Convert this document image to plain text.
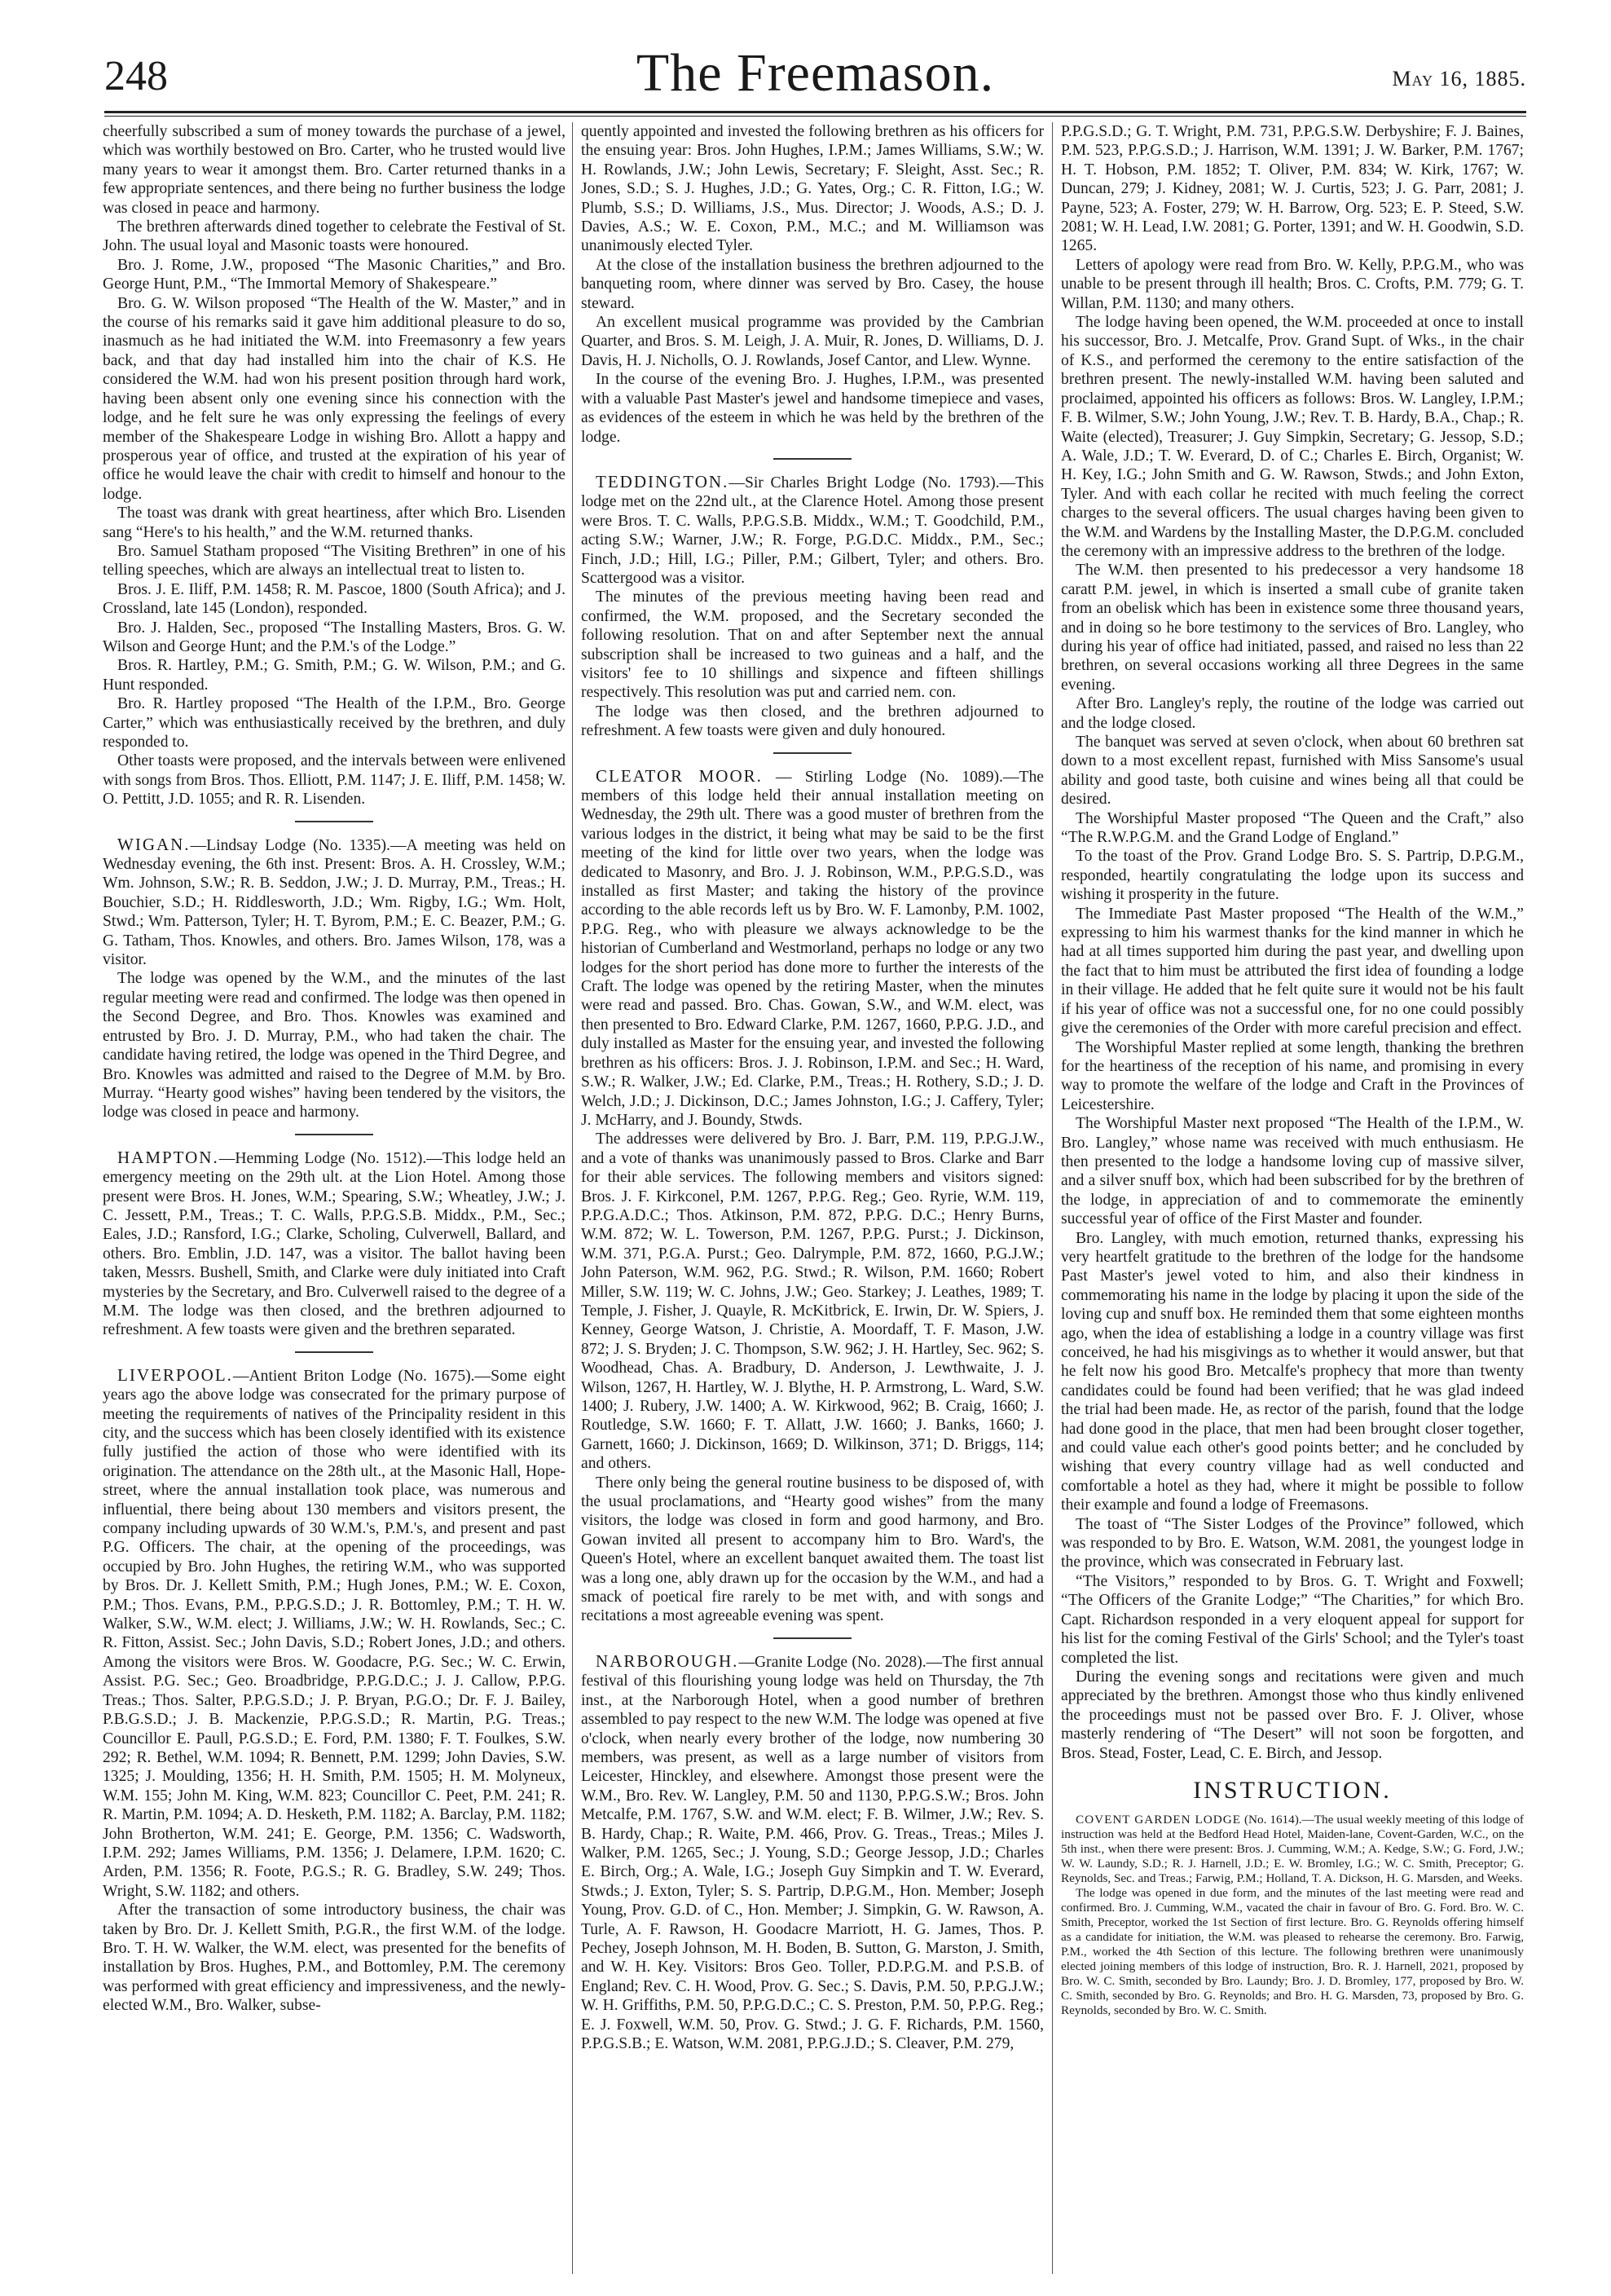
248	The Freemason.	May 16, 1885.

cheerfully subscribed a sum of money towards the purchase of a jewel, which was worthily bestowed on Bro. Carter, who he trusted would live many years to wear it amongst them. Bro. Carter returned thanks in a few appropriate sentences, and there being no further business the lodge was closed in peace and harmony.

The brethren afterwards dined together to celebrate the Festival of St. John. The usual loyal and Masonic toasts were honoured.

Bro. J. Rome, J.W., proposed “The Masonic Charities,” and Bro. George Hunt, P.M., “The Immortal Memory of Shakespeare.”

Bro. G. W. Wilson proposed “The Health of the W. Master,” and in the course of his remarks said it gave him additional pleasure to do so, inasmuch as he had initiated the W.M. into Freemasonry a few years back, and that day had installed him into the chair of K.S. He considered the W.M. had won his present position through hard work, having been absent only one evening since his connection with the lodge, and he felt sure he was only expressing the feelings of every member of the Shakespeare Lodge in wishing Bro. Allott a happy and prosperous year of office, and trusted at the expiration of his year of office he would leave the chair with credit to himself and honour to the lodge.

The toast was drank with great heartiness, after which Bro. Lisenden sang “Here's to his health,” and the W.M. returned thanks.

Bro. Samuel Statham proposed “The Visiting Brethren” in one of his telling speeches, which are always an intellectual treat to listen to.

Bros. J. E. Iliff, P.M. 1458; R. M. Pascoe, 1800 (South Africa); and J. Crossland, late 145 (London), responded.

Bro. J. Halden, Sec., proposed “The Installing Masters, Bros. G. W. Wilson and George Hunt; and the P.M.'s of the Lodge.”

Bros. R. Hartley, P.M.; G. Smith, P.M.; G. W. Wilson, P.M.; and G. Hunt responded.

Bro. R. Hartley proposed “The Health of the I.P.M., Bro. George Carter,” which was enthusiastically received by the brethren, and duly responded to.

Other toasts were proposed, and the intervals between were enlivened with songs from Bros. Thos. Elliott, P.M. 1147; J. E. Iliff, P.M. 1458; W. O. Pettitt, J.D. 1055; and R. R. Lisenden.

WIGAN.—Lindsay Lodge (No. 1335).—A meeting was held on Wednesday evening, the 6th inst. Present: Bros. A. H. Crossley, W.M.; Wm. Johnson, S.W.; R. B. Seddon, J.W.; J. D. Murray, P.M., Treas.; H. Bouchier, S.D.; H. Riddlesworth, J.D.; Wm. Rigby, I.G.; Wm. Holt, Stwd.; Wm. Patterson, Tyler; H. T. Byrom, P.M.; E. C. Beazer, P.M.; G. G. Tatham, Thos. Knowles, and others. Bro. James Wilson, 178, was a visitor.

The lodge was opened by the W.M., and the minutes of the last regular meeting were read and confirmed. The lodge was then opened in the Second Degree, and Bro. Thos. Knowles was examined and entrusted by Bro. J. D. Murray, P.M., who had taken the chair. The candidate having retired, the lodge was opened in the Third Degree, and Bro. Knowles was admitted and raised to the Degree of M.M. by Bro. Murray. “Hearty good wishes” having been tendered by the visitors, the lodge was closed in peace and harmony.

HAMPTON.—Hemming Lodge (No. 1512).—This lodge held an emergency meeting on the 29th ult. at the Lion Hotel. Among those present were Bros. H. Jones, W.M.; Spearing, S.W.; Wheatley, J.W.; J. C. Jessett, P.M., Treas.; T. C. Walls, P.P.G.S.B. Middx., P.M., Sec.; Eales, J.D.; Ransford, I.G.; Clarke, Scholing, Culverwell, Ballard, and others. Bro. Emblin, J.D. 147, was a visitor. The ballot having been taken, Messrs. Bushell, Smith, and Clarke were duly initiated into Craft mysteries by the Secretary, and Bro. Culverwell raised to the degree of a M.M. The lodge was then closed, and the brethren adjourned to refreshment. A few toasts were given and the brethren separated.

LIVERPOOL.—Antient Briton Lodge (No. 1675).—Some eight years ago the above lodge was consecrated for the primary purpose of meeting the requirements of natives of the Principality resident in this city, and the success which has been closely identified with its existence fully justified the action of those who were identified with its origination. The attendance on the 28th ult., at the Masonic Hall, Hope-street, where the annual installation took place, was numerous and influential, there being about 130 members and visitors present, the company including upwards of 30 W.M.'s, P.M.'s, and present and past P.G. Officers. The chair, at the opening of the proceedings, was occupied by Bro. John Hughes, the retiring W.M., who was supported by Bros. Dr. J. Kellett Smith, P.M.; Hugh Jones, P.M.; W. E. Coxon, P.M.; Thos. Evans, P.M., P.P.G.S.D.; J. R. Bottomley, P.M.; T. H. W. Walker, S.W., W.M. elect; J. Williams, J.W.; W. H. Rowlands, Sec.; C. R. Fitton, Assist. Sec.; John Davis, S.D.; Robert Jones, J.D.; and others. Among the visitors were Bros. W. Goodacre, P.G. Sec.; W. C. Erwin, Assist. P.G. Sec.; Geo. Broadbridge, P.P.G.D.C.; J. J. Callow, P.P.G. Treas.; Thos. Salter, P.P.G.S.D.; J. P. Bryan, P.G.O.; Dr. F. J. Bailey, P.B.G.S.D.; J. B. Mackenzie, P.P.G.S.D.; R. Martin, P.G. Treas.; Councillor E. Paull, P.G.S.D.; E. Ford, P.M. 1380; F. T. Foulkes, S.W. 292; R. Bethel, W.M. 1094; R. Bennett, P.M. 1299; John Davies, S.W. 1325; J. Moulding, 1356; H. H. Smith, P.M. 1505; H. M. Molyneux, W.M. 155; John M. King, W.M. 823; Councillor C. Peet, P.M. 241; R. R. Martin, P.M. 1094; A. D. Hesketh, P.M. 1182; A. Barclay, P.M. 1182; John Brotherton, W.M. 241; E. George, P.M. 1356; C. Wadsworth, I.P.M. 292; James Williams, P.M. 1356; J. Delamere, I.P.M. 1620; C. Arden, P.M. 1356; R. Foote, P.G.S.; R. G. Bradley, S.W. 249; Thos. Wright, S.W. 1182; and others.

After the transaction of some introductory business, the chair was taken by Bro. Dr. J. Kellett Smith, P.G.R., the first W.M. of the lodge. Bro. T. H. W. Walker, the W.M. elect, was presented for the benefits of installation by Bros. Hughes, P.M., and Bottomley, P.M. The ceremony was performed with great efficiency and impressiveness, and the newly-elected W.M., Bro. Walker, subse-

quently appointed and invested the following brethren as his officers for the ensuing year: Bros. John Hughes, I.P.M.; James Williams, S.W.; W. H. Rowlands, J.W.; John Lewis, Secretary; F. Sleight, Asst. Sec.; R. Jones, S.D.; S. J. Hughes, J.D.; G. Yates, Org.; C. R. Fitton, I.G.; W. Plumb, S.S.; D. Williams, J.S., Mus. Director; J. Woods, A.S.; D. J. Davies, A.S.; W. E. Coxon, P.M., M.C.; and M. Williamson was unanimously elected Tyler.

At the close of the installation business the brethren adjourned to the banqueting room, where dinner was served by Bro. Casey, the house steward.

An excellent musical programme was provided by the Cambrian Quarter, and Bros. S. M. Leigh, J. A. Muir, R. Jones, D. Williams, D. J. Davis, H. J. Nicholls, O. J. Rowlands, Josef Cantor, and Llew. Wynne.

In the course of the evening Bro. J. Hughes, I.P.M., was presented with a valuable Past Master's jewel and handsome timepiece and vases, as evidences of the esteem in which he was held by the brethren of the lodge.

TEDDINGTON.—Sir Charles Bright Lodge (No. 1793).—This lodge met on the 22nd ult., at the Clarence Hotel. Among those present were Bros. T. C. Walls, P.P.G.S.B. Middx., W.M.; T. Goodchild, P.M., acting S.W.; Warner, J.W.; R. Forge, P.G.D.C. Middx., P.M., Sec.; Finch, J.D.; Hill, I.G.; Piller, P.M.; Gilbert, Tyler; and others. Bro. Scattergood was a visitor.

The minutes of the previous meeting having been read and confirmed, the W.M. proposed, and the Secretary seconded the following resolution. That on and after September next the annual subscription shall be increased to two guineas and a half, and the visitors' fee to 10 shillings and sixpence and fifteen shillings respectively. This resolution was put and carried nem. con.

The lodge was then closed, and the brethren adjourned to refreshment. A few toasts were given and duly honoured.

CLEATOR MOOR. — Stirling Lodge (No. 1089).—The members of this lodge held their annual installation meeting on Wednesday, the 29th ult. There was a good muster of brethren from the various lodges in the district, it being what may be said to be the first meeting of the kind for little over two years, when the lodge was dedicated to Masonry, and Bro. J. J. Robinson, W.M., P.P.G.S.D., was installed as first Master; and taking the history of the province according to the able records left us by Bro. W. F. Lamonby, P.M. 1002, P.P.G. Reg., who with pleasure we always acknowledge to be the historian of Cumberland and Westmorland, perhaps no lodge or any two lodges for the short period has done more to further the interests of the Craft. The lodge was opened by the retiring Master, when the minutes were read and passed. Bro. Chas. Gowan, S.W., and W.M. elect, was then presented to Bro. Edward Clarke, P.M. 1267, 1660, P.P.G. J.D., and duly installed as Master for the ensuing year, and invested the following brethren as his officers: Bros. J. J. Robinson, I.P.M. and Sec.; H. Ward, S.W.; R. Walker, J.W.; Ed. Clarke, P.M., Treas.; H. Rothery, S.D.; J. D. Welch, J.D.; J. Dickinson, D.C.; James Johnston, I.G.; J. Caffery, Tyler; J. McHarry, and J. Boundy, Stwds.

The addresses were delivered by Bro. J. Barr, P.M. 119, P.P.G.J.W., and a vote of thanks was unanimously passed to Bros. Clarke and Barr for their able services. The following members and visitors signed: Bros. J. F. Kirkconel, P.M. 1267, P.P.G. Reg.; Geo. Ryrie, W.M. 119, P.P.G.A.D.C.; Thos. Atkinson, P.M. 872, P.P.G. D.C.; Henry Burns, W.M. 872; W. L. Towerson, P.M. 1267, P.P.G. Purst.; J. Dickinson, W.M. 371, P.G.A. Purst.; Geo. Dalrymple, P.M. 872, 1660, P.G.J.W.; John Paterson, W.M. 962, P.G. Stwd.; R. Wilson, P.M. 1660; Robert Miller, S.W. 119; W. C. Johns, J.W.; Geo. Starkey; J. Leathes, 1989; T. Temple, J. Fisher, J. Quayle, R. McKitbrick, E. Irwin, Dr. W. Spiers, J. Kenney, George Watson, J. Christie, A. Moordaff, T. F. Mason, J.W. 872; J. S. Bryden; J. C. Thompson, S.W. 962; J. H. Hartley, Sec. 962; S. Woodhead, Chas. A. Bradbury, D. Anderson, J. Lewthwaite, J. J. Wilson, 1267, H. Hartley, W. J. Blythe, H. P. Armstrong, L. Ward, S.W. 1400; J. Rubery, J.W. 1400; A. W. Kirkwood, 962; B. Craig, 1660; J. Routledge, S.W. 1660; F. T. Allatt, J.W. 1660; J. Banks, 1660; J. Garnett, 1660; J. Dickinson, 1669; D. Wilkinson, 371; D. Briggs, 114; and others.

There only being the general routine business to be disposed of, with the usual proclamations, and “Hearty good wishes” from the many visitors, the lodge was closed in form and good harmony, and Bro. Gowan invited all present to accompany him to Bro. Ward's, the Queen's Hotel, where an excellent banquet awaited them. The toast list was a long one, ably drawn up for the occasion by the W.M., and had a smack of poetical fire rarely to be met with, and with songs and recitations a most agreeable evening was spent.

NARBOROUGH.—Granite Lodge (No. 2028).—The first annual festival of this flourishing young lodge was held on Thursday, the 7th inst., at the Narborough Hotel, when a good number of brethren assembled to pay respect to the new W.M. The lodge was opened at five o'clock, when nearly every brother of the lodge, now numbering 30 members, was present, as well as a large number of visitors from Leicester, Hinckley, and elsewhere. Amongst those present were the W.M., Bro. Rev. W. Langley, P.M. 50 and 1130, P.P.G.S.W.; Bros. John Metcalfe, P.M. 1767, S.W. and W.M. elect; F. B. Wilmer, J.W.; Rev. S. B. Hardy, Chap.; R. Waite, P.M. 466, Prov. G. Treas., Treas.; Miles J. Walker, P.M. 1265, Sec.; J. Young, S.D.; George Jessop, J.D.; Charles E. Birch, Org.; A. Wale, I.G.; Joseph Guy Simpkin and T. W. Everard, Stwds.; J. Exton, Tyler; S. S. Partrip, D.P.G.M., Hon. Member; Joseph Young, Prov. G.D. of C., Hon. Member; J. Simpkin, G. W. Rawson, A. Turle, A. F. Rawson, H. Goodacre Marriott, H. G. James, Thos. P. Pechey, Joseph Johnson, M. H. Boden, B. Sutton, G. Marston, J. Smith, and W. H. Key. Visitors: Bros Geo. Toller, P.D.P.G.M. and P.S.B. of England; Rev. C. H. Wood, Prov. G. Sec.; S. Davis, P.M. 50, P.P.G.J.W.; W. H. Griffiths, P.M. 50, P.P.G.D.C.; C. S. Preston, P.M. 50, P.P.G. Reg.; E. J. Foxwell, W.M. 50, Prov. G. Stwd.; J. G. F. Richards, P.M. 1560, P.P.G.S.B.; E. Watson, W.M. 2081, P.P.G.J.D.; S. Cleaver, P.M. 279,

P.P.G.S.D.; G. T. Wright, P.M. 731, P.P.G.S.W. Derbyshire; F. J. Baines, P.M. 523, P.P.G.S.D.; J. Harrison, W.M. 1391; J. W. Barker, P.M. 1767; H. T. Hobson, P.M. 1852; T. Oliver, P.M. 834; W. Kirk, 1767; W. Duncan, 279; J. Kidney, 2081; W. J. Curtis, 523; J. G. Parr, 2081; J. Payne, 523; A. Foster, 279; W. H. Barrow, Org. 523; E. P. Steed, S.W. 2081; W. H. Lead, I.W. 2081; G. Porter, 1391; and W. H. Goodwin, S.D. 1265.

Letters of apology were read from Bro. W. Kelly, P.P.G.M., who was unable to be present through ill health; Bros. C. Crofts, P.M. 779; G. T. Willan, P.M. 1130; and many others.

The lodge having been opened, the W.M. proceeded at once to install his successor, Bro. J. Metcalfe, Prov. Grand Supt. of Wks., in the chair of K.S., and performed the ceremony to the entire satisfaction of the brethren present. The newly-installed W.M. having been saluted and proclaimed, appointed his officers as follows: Bros. W. Langley, I.P.M.; F. B. Wilmer, S.W.; John Young, J.W.; Rev. T. B. Hardy, B.A., Chap.; R. Waite (elected), Treasurer; J. Guy Simpkin, Secretary; G. Jessop, S.D.; A. Wale, J.D.; T. W. Everard, D. of C.; Charles E. Birch, Organist; W. H. Key, I.G.; John Smith and G. W. Rawson, Stwds.; and John Exton, Tyler. And with each collar he recited with much feeling the correct charges to the several officers. The usual charges having been given to the W.M. and Wardens by the Installing Master, the D.P.G.M. concluded the ceremony with an impressive address to the brethren of the lodge.

The W.M. then presented to his predecessor a very handsome 18 caratt P.M. jewel, in which is inserted a small cube of granite taken from an obelisk which has been in existence some three thousand years, and in doing so he bore testimony to the services of Bro. Langley, who during his year of office had initiated, passed, and raised no less than 22 brethren, on several occasions working all three Degrees in the same evening.

After Bro. Langley's reply, the routine of the lodge was carried out and the lodge closed.

The banquet was served at seven o'clock, when about 60 brethren sat down to a most excellent repast, furnished with Miss Sansome's usual ability and good taste, both cuisine and wines being all that could be desired.

The Worshipful Master proposed “The Queen and the Craft,” also “The R.W.P.G.M. and the Grand Lodge of England.”

To the toast of the Prov. Grand Lodge Bro. S. S. Partrip, D.P.G.M., responded, heartily congratulating the lodge upon its success and wishing it prosperity in the future.

The Immediate Past Master proposed “The Health of the W.M.,” expressing to him his warmest thanks for the kind manner in which he had at all times supported him during the past year, and dwelling upon the fact that to him must be attributed the first idea of founding a lodge in their village. He added that he felt quite sure it would not be his fault if his year of office was not a successful one, for no one could possibly give the ceremonies of the Order with more careful precision and effect.

The Worshipful Master replied at some length, thanking the brethren for the heartiness of the reception of his name, and promising in every way to promote the welfare of the lodge and Craft in the Provinces of Leicestershire.

The Worshipful Master next proposed “The Health of the I.P.M., W. Bro. Langley,” whose name was received with much enthusiasm. He then presented to the lodge a handsome loving cup of massive silver, and a silver snuff box, which had been subscribed for by the brethren of the lodge, in appreciation of and to commemorate the eminently successful year of office of the First Master and founder.

Bro. Langley, with much emotion, returned thanks, expressing his very heartfelt gratitude to the brethren of the lodge for the handsome Past Master's jewel voted to him, and also their kindness in commemorating his name in the lodge by placing it upon the side of the loving cup and snuff box. He reminded them that some eighteen months ago, when the idea of establishing a lodge in a country village was first conceived, he had his misgivings as to whether it would answer, but that he felt now his good Bro. Metcalfe's prophecy that more than twenty candidates could be found had been verified; that he was glad indeed the trial had been made. He, as rector of the parish, found that the lodge had done good in the place, that men had been brought closer together, and could value each other's good points better; and he concluded by wishing that every country village had as well conducted and comfortable a hotel as they had, where it might be possible to follow their example and found a lodge of Freemasons.

The toast of “The Sister Lodges of the Province” followed, which was responded to by Bro. E. Watson, W.M. 2081, the youngest lodge in the province, which was consecrated in February last.

“The Visitors,” responded to by Bros. G. T. Wright and Foxwell; “The Officers of the Granite Lodge;” “The Charities,” for which Bro. Capt. Richardson responded in a very eloquent appeal for support for his list for the coming Festival of the Girls' School; and the Tyler's toast completed the list.

During the evening songs and recitations were given and much appreciated by the brethren. Amongst those who thus kindly enlivened the proceedings must not be passed over Bro. F. J. Oliver, whose masterly rendering of “The Desert” will not soon be forgotten, and Bros. Stead, Foster, Lead, C. E. Birch, and Jessop.

INSTRUCTION.

COVENT GARDEN LODGE (No. 1614).—The usual weekly meeting of this lodge of instruction was held at the Bedford Head Hotel, Maiden-lane, Covent-Garden, W.C., on the 5th inst., when there were present: Bros. J. Cumming, W.M.; A. Kedge, S.W.; G. Ford, J.W.; W. W. Laundy, S.D.; R. J. Harnell, J.D.; E. W. Bromley, I.G.; W. C. Smith, Preceptor; G. Reynolds, Sec. and Treas.; Farwig, P.M.; Holland, T. A. Dickson, H. G. Marsden, and Weeks.

The lodge was opened in due form, and the minutes of the last meeting were read and confirmed. Bro. J. Cumming, W.M., vacated the chair in favour of Bro. G. Ford. Bro. W. C. Smith, Preceptor, worked the 1st Section of first lecture. Bro. G. Reynolds offering himself as a candidate for initiation, the W.M. was pleased to rehearse the ceremony. Bro. Farwig, P.M., worked the 4th Section of this lecture. The following brethren were unanimously elected joining members of this lodge of instruction, Bro. R. J. Harnell, 2021, proposed by Bro. W. C. Smith, seconded by Bro. Laundy; Bro. J. D. Bromley, 177, proposed by Bro. W. C. Smith, seconded by Bro. G. Reynolds; and Bro. H. G. Marsden, 73, proposed by Bro. G. Reynolds, seconded by Bro. W. C. Smith.
